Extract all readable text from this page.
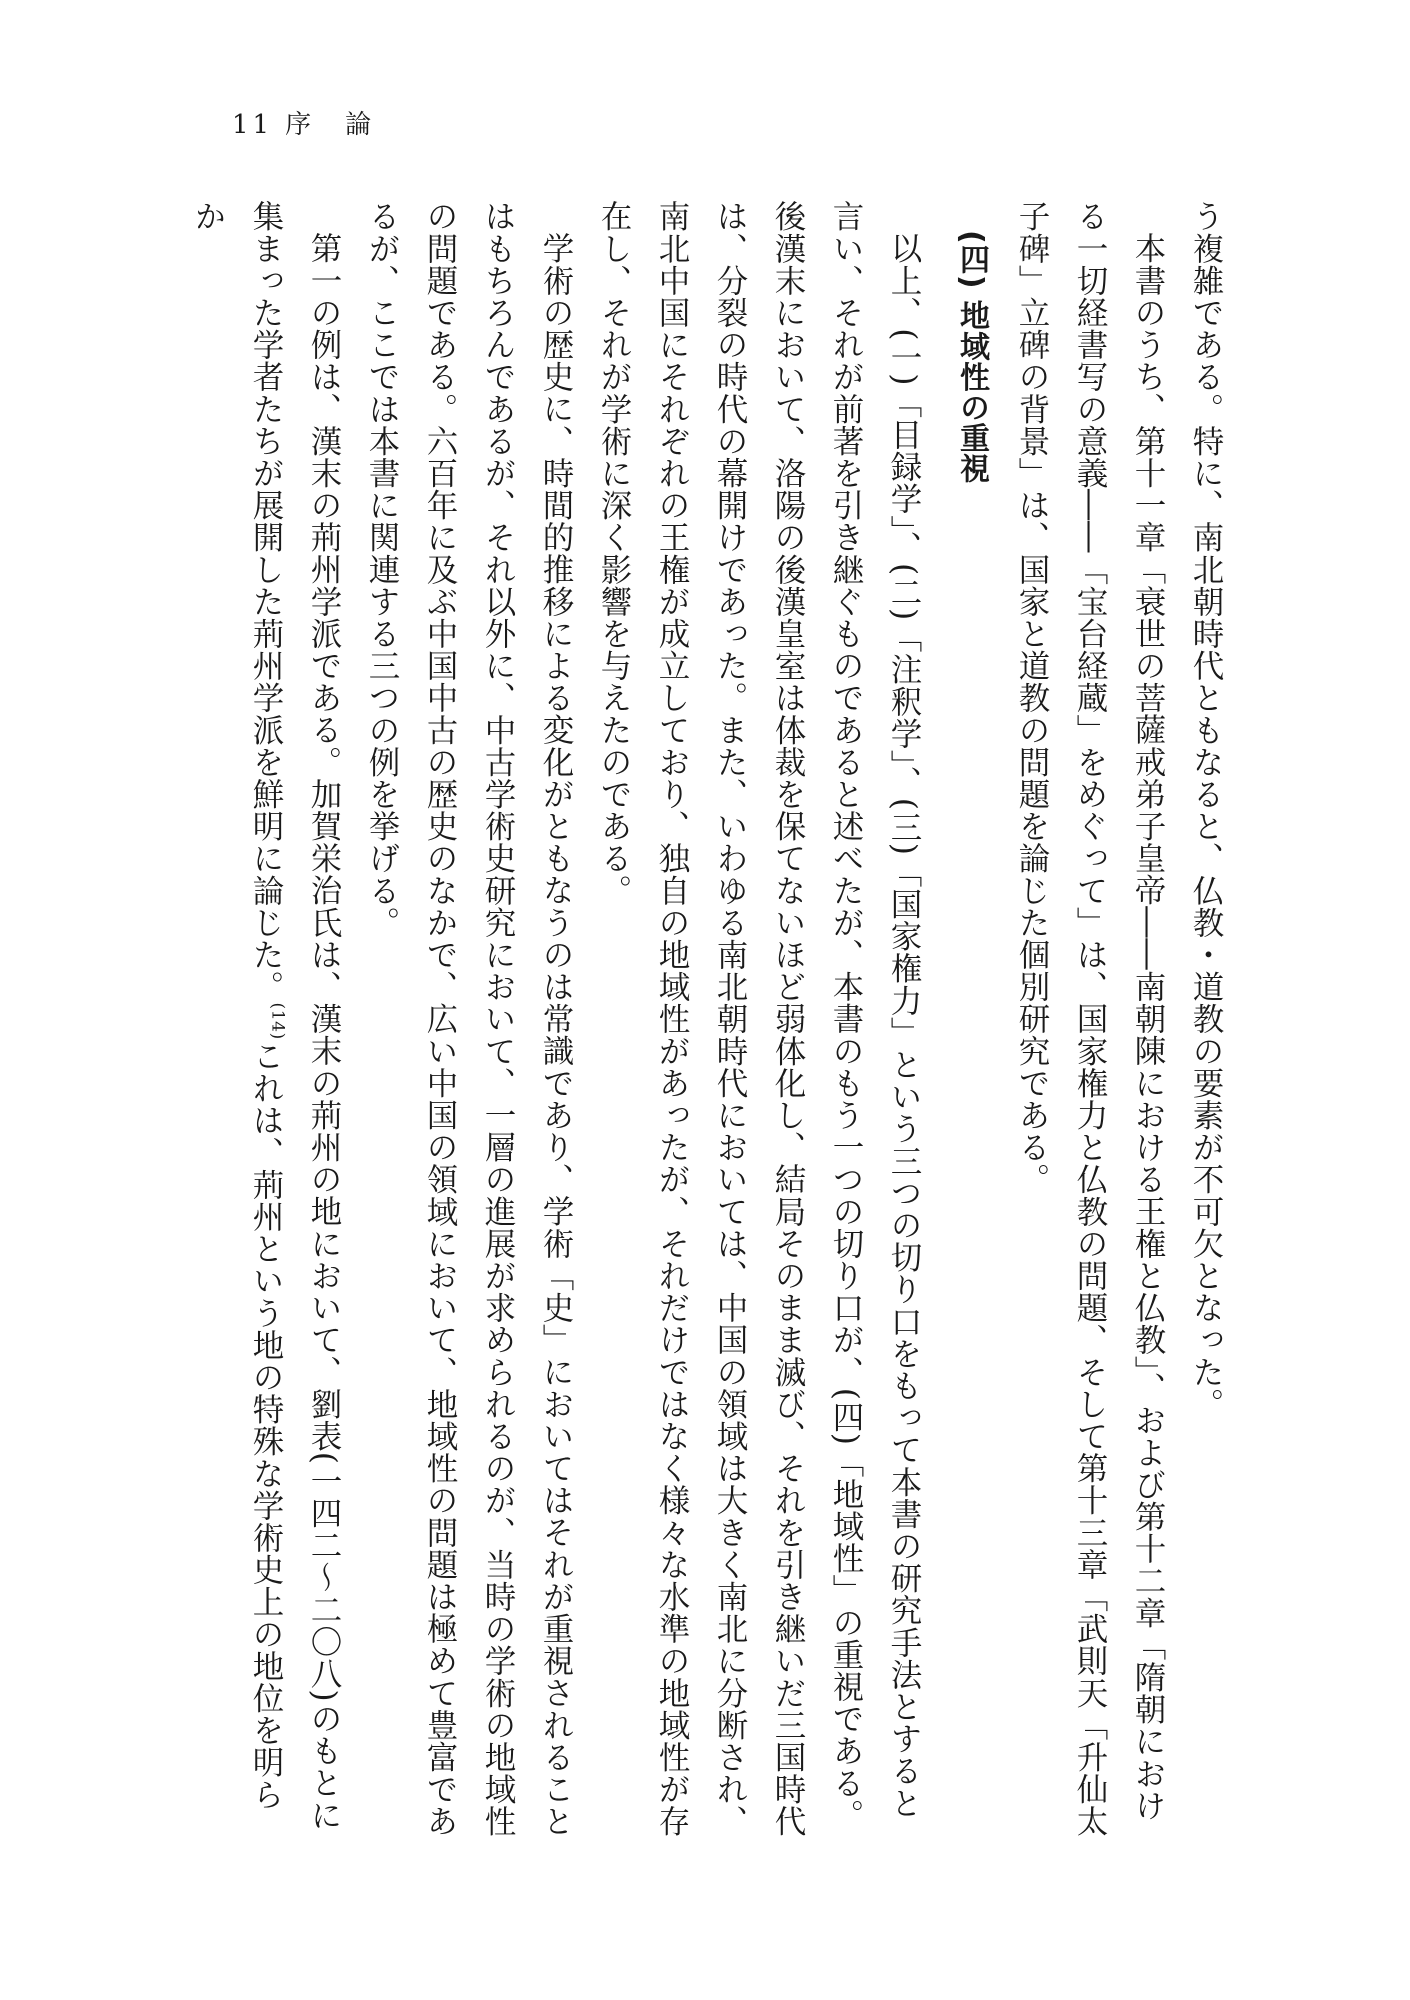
11 序論

う複雑である。特に、南北朝時代ともなると、仏教・道教の要素が不可欠となった。

本書のうち、第十一章「衰世の菩薩戒弟子皇帝――南朝陳における王権と仏教」、および第十二章「隋朝における一切経書写の意義――「宝台経蔵」をめぐって」は、国家権力と仏教の問題、そして第十三章「武則天「升仙太子碑」立碑の背景」は、国家と道教の問題を論じた個別研究である。

(四) 地域性の重視

以上、(一)「目録学」、(二)「注釈学」、(三)「国家権力」という三つの切り口をもって本書の研究手法とすると言い、それが前著を引き継ぐものであると述べたが、本書のもう一つの切り口が、(四)「地域性」の重視である。後漢末において、洛陽の後漢皇室は体裁を保てないほど弱体化し、結局そのまま滅び、それを引き継いだ三国時代は、分裂の時代の幕開けであった。また、いわゆる南北朝時代においては、中国の領域は大きく南北に分断され、南北中国にそれぞれの王権が成立しており、独自の地域性があったが、それだけではなく様々な水準の地域性が存在し、それが学術に深く影響を与えたのである。

学術の歴史に、時間的推移による変化がともなうのは常識であり、学術「史」においてはそれが重視されることはもちろんであるが、それ以外に、中古学術史研究において、一層の進展が求められるのが、当時の学術の地域性の問題である。六百年に及ぶ中国中古の歴史のなかで、広い中国の領域において、地域性の問題は極めて豊富であるが、ここでは本書に関連する三つの例を挙げる。

第一の例は、漢末の荊州学派である。加賀栄治氏は、漢末の荊州の地において、劉表(一四二〜二〇八)のもとに集まった学者たちが展開した荊州学派を鮮明に論じた。$^{(14)}$これは、荊州という地の特殊な学術史上の地位を明らか
